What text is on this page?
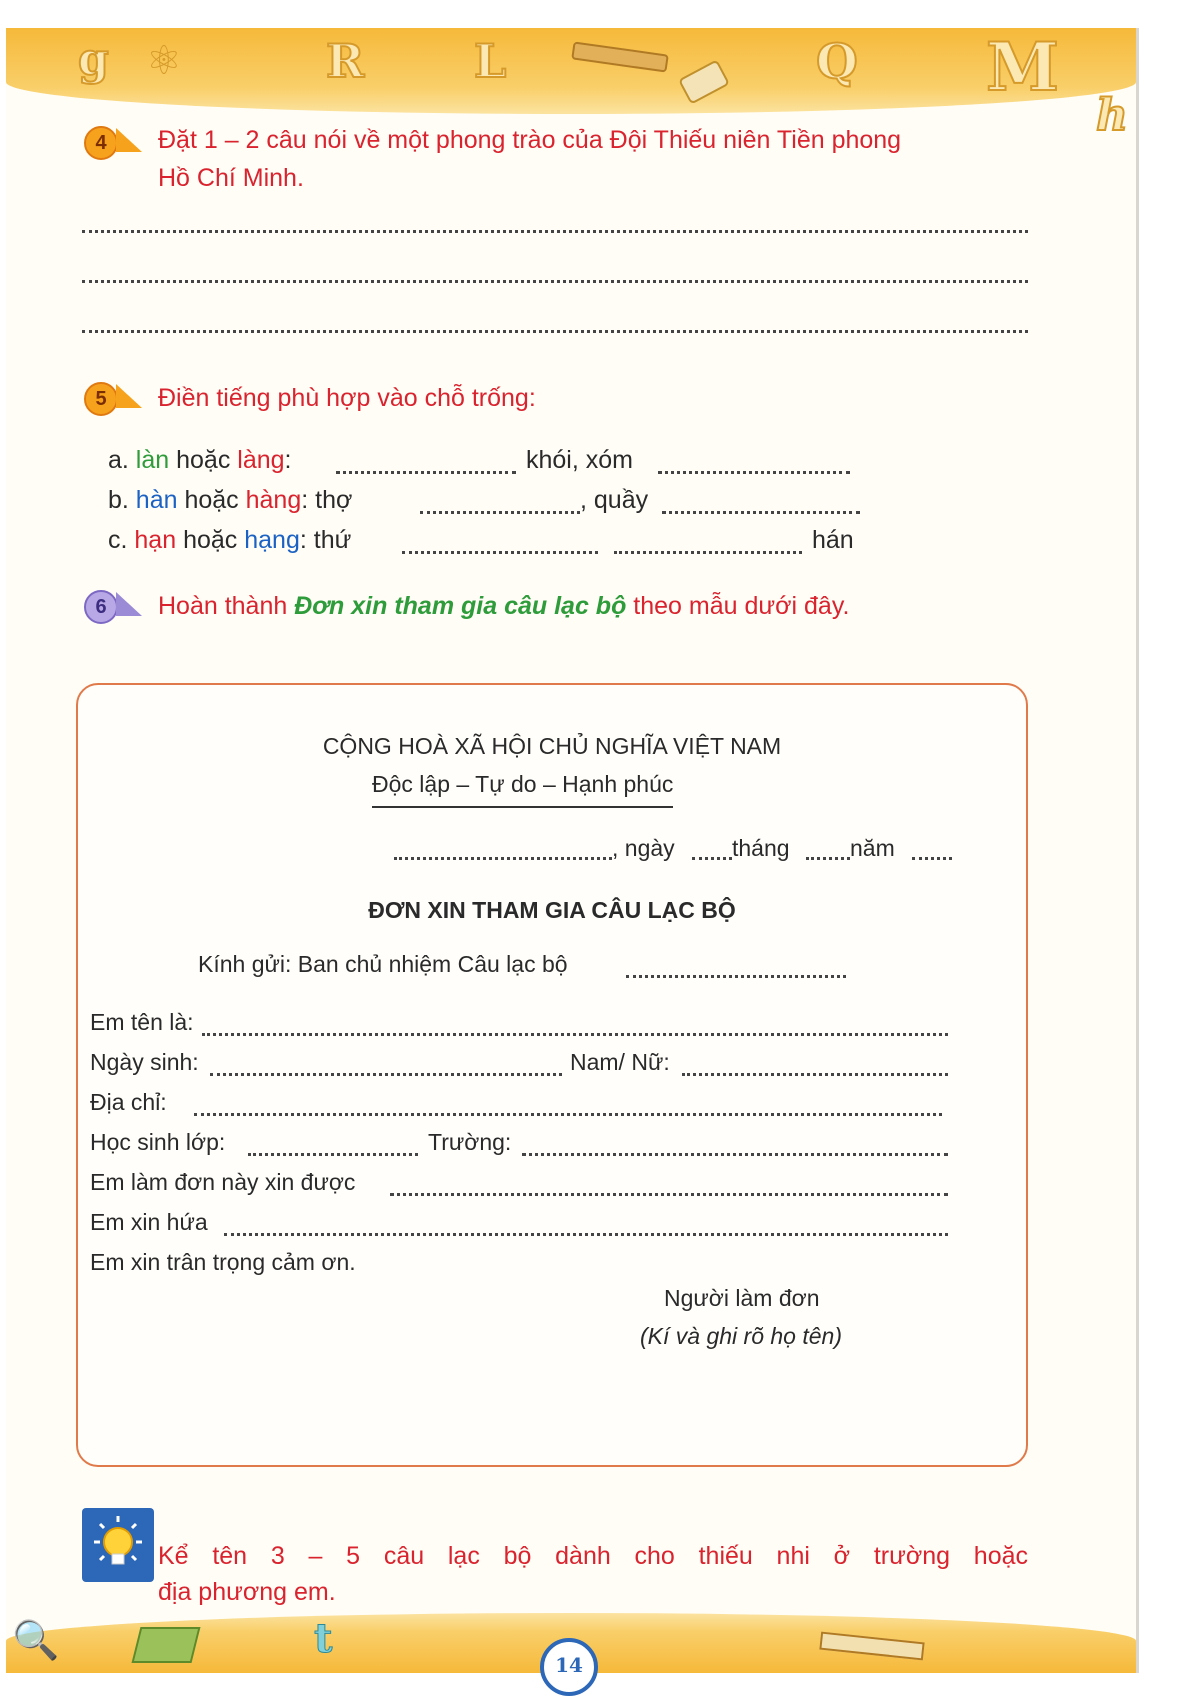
g ⚛	R L	Q M
h
4	Đặt 1 – 2 câu nói về một phong trào của Đội Thiếu niên Tiền phong
Hồ Chí Minh.
5	Điền tiếng phù hợp vào chỗ trống:
a. làn hoặc làng:	khói, xóm
b. hàn hoặc hàng: thợ	, quầy
c. hạn hoặc hạng: thứ	hán
6	Hoàn thành Đơn xin tham gia câu lạc bộ theo mẫu dưới đây.
CỘNG HOÀ XÃ HỘI CHỦ NGHĨA VIỆT NAM
Độc lập – Tự do – Hạnh phúc
, ngày tháng	năm
ĐƠN XIN THAM GIA CÂU LẠC BỘ
Kính gửi: Ban chủ nhiệm Câu lạc bộ
Em tên là:
Ngày sinh:	Nam/ Nữ:
Địa chỉ:
Học sinh lớp:	Trường:
Em làm đơn này xin được
Em xin hứa
Em xin trân trọng cảm ơn.
Người làm đơn
(Kí và ghi rõ họ tên)
Kể tên 3 – 5 câu lạc bộ dành cho thiếu nhi ở trường hoặc
địa phương em.
🔍	t
14
